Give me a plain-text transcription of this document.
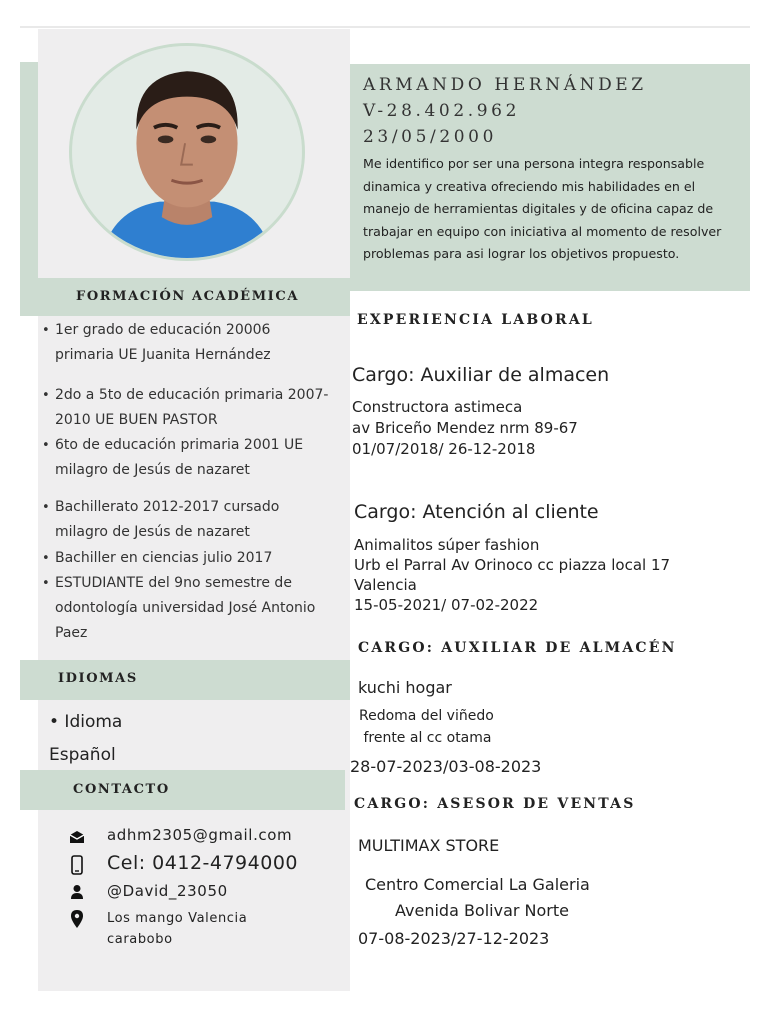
ARMANDO HERNÁNDEZ
V-28.402.962
23/05/2000
Me identifico por ser una persona integra responsable
dinamica y creativa ofreciendo mis habilidades en el
manejo de herramientas digitales y de oficina capaz de
trabajar en equipo con iniciativa al momento de resolver
problemas para asi lograr los objetivos propuesto.
FORMACIÓN ACADÉMICA
• 1er grado de educación 20006
primaria UE Juanita Hernández
• 2do a 5to de educación primaria 2007-
2010 UE BUEN PASTOR
• 6to de educación primaria 2001 UE
milagro de Jesús de nazaret
• Bachillerato 2012-2017 cursado
milagro de Jesús de nazaret
• Bachiller en ciencias julio 2017
• ESTUDIANTE del 9no semestre de
odontología universidad José Antonio
Paez
IDIOMAS
• Idioma
Español
CONTACTO
adhm2305@gmail.com
Cel: 0412-4794000
@David_23050
Los mango Valencia
carabobo
EXPERIENCIA LABORAL
Cargo: Auxiliar de almacen
Constructora astimeca
av Briceño Mendez nrm 89-67
01/07/2018/ 26-12-2018
Cargo: Atención al cliente
Animalitos súper fashion
Urb el Parral Av Orinoco cc piazza local 17
Valencia
15-05-2021/ 07-02-2022
CARGO: AUXILIAR DE ALMACÉN
kuchi hogar
Redoma del viñedo
frente al cc otama
28-07-2023/03-08-2023
CARGO: ASESOR DE VENTAS
MULTIMAX STORE
Centro Comercial La Galeria
Avenida Bolivar Norte
07-08-2023/27-12-2023
